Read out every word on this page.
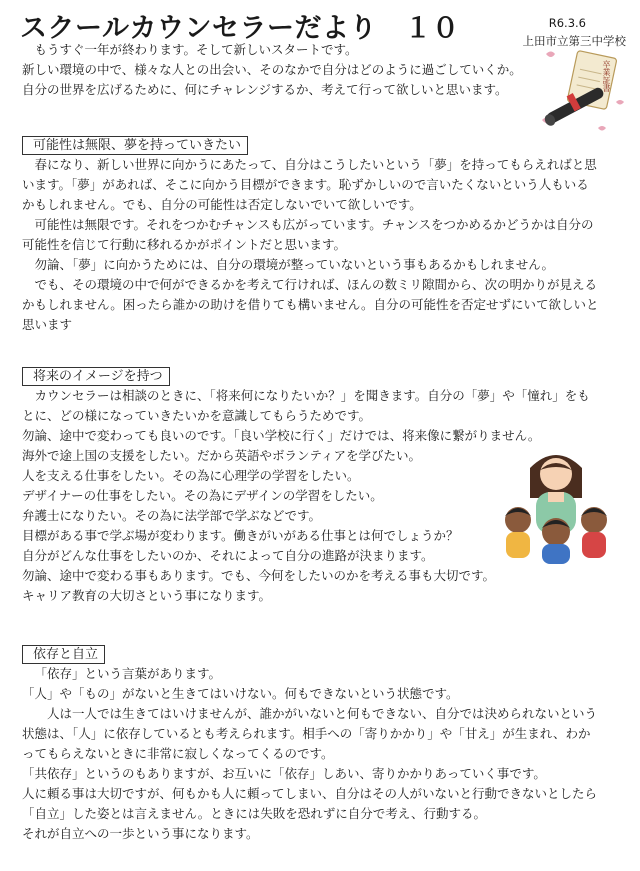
スクールカウンセラーだより　１０	R6.3.6
上田市立第三中学校
卒業証書

もうすぐ一年が終わります。そして新しいスタートです。

新しい環境の中で、様々な人との出会い、そのなかで自分はどのように過ごしていくか。

自分の世界を広げるために、何にチャレンジするか、考えて行って欲しいと思います。

可能性は無限、夢を持っていきたい

春になり、新しい世界に向かうにあたって、自分はこうしたいという「夢」を持ってもらえればと思います。「夢」があれば、そこに向かう目標ができます。恥ずかしいので言いたくないという人もいるかもしれません。でも、自分の可能性は否定しないでいて欲しいです。

可能性は無限です。それをつかむチャンスも広がっています。チャンスをつかめるかどうかは自分の可能性を信じて行動に移れるかがポイントだと思います。

勿論、「夢」に向かうためには、自分の環境が整っていないという事もあるかもしれません。

でも、その環境の中で何ができるかを考えて行ければ、ほんの数ミリ隙間から、次の明かりが見えるかもしれません。困ったら誰かの助けを借りても構いません。自分の可能性を否定せずにいて欲しいと思います

将来のイメージを持つ

カウンセラーは相談のときに、「将来何になりたいか？」を聞きます。自分の「夢」や「憧れ」をもとに、どの様になっていきたいかを意識してもらうためです。

勿論、途中で変わっても良いのです。「良い学校に行く」だけでは、将来像に繋がりません。

海外で途上国の支援をしたい。だから英語やボランティアを学びたい。

人を支える仕事をしたい。その為に心理学の学習をしたい。

デザイナーの仕事をしたい。その為にデザインの学習をしたい。

弁護士になりたい。その為に法学部で学ぶなどです。

目標がある事で学ぶ場が変わります。働きがいがある仕事とは何でしょうか？

自分がどんな仕事をしたいのか、それによって自分の進路が決まります。

勿論、途中で変わる事もあります。でも、今何をしたいのかを考える事も大切です。

キャリア教育の大切さという事になります。

依存と自立

「依存」という言葉があります。

「人」や「もの」がないと生きてはいけない。何もできないという状態です。

人は一人では生きてはいけませんが、誰かがいないと何もできない、自分では決められないという状態は、「人」に依存しているとも考えられます。相手への「寄りかかり」や「甘え」が生まれ、わかってもらえないときに非常に寂しくなってくるのです。

「共依存」というのもありますが、お互いに「依存」しあい、寄りかかりあっていく事です。

人に頼る事は大切ですが、何もかも人に頼ってしまい、自分はその人がいないと行動できないとしたら「自立」した姿とは言えません。ときには失敗を恐れずに自分で考え、行動する。

それが自立への一歩という事になります。
